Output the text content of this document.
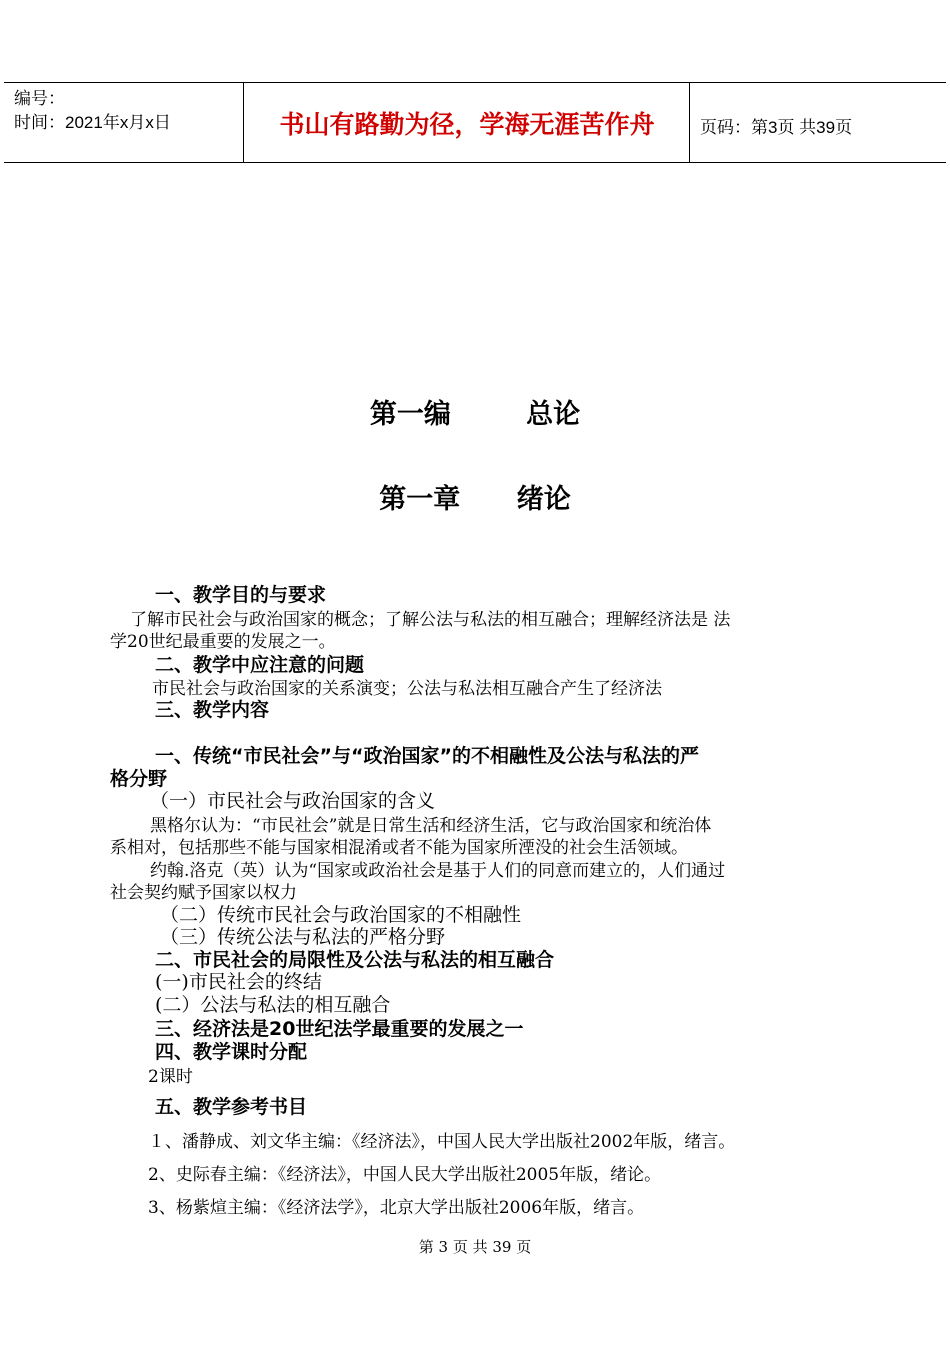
编号：
时间：2021年x月x日	书山有路勤为径，学海无涯苦作舟	页码：第3页 共39页
第一编        总论
第一章      绪论
一、教学目的与要求
了解市民社会与政治国家的概念；了解公法与私法的相互融合；理解经济法是 法
学20世纪最重要的发展之一。
二、教学中应注意的问题
市民社会与政治国家的关系演变；公法与私法相互融合产生了经济法
三、教学内容
一、传统“市民社会”与“政治国家”的不相融性及公法与私法的严
格分野
（一）市民社会与政治国家的含义
黑格尔认为：“市民社会”就是日常生活和经济生活，它与政治国家和统治体
系相对，包括那些不能与国家相混淆或者不能为国家所湮没的社会生活领域。
约翰.洛克（英）认为“国家或政治社会是基于人们的同意而建立的，人们通过
社会契约赋予国家以权力
（二）传统市民社会与政治国家的不相融性
（三）传统公法与私法的严格分野
二、市民社会的局限性及公法与私法的相互融合
(一)市民社会的终结
(二）公法与私法的相互融合
三、经济法是20世纪法学最重要的发展之一
四、教学课时分配
2课时
五、教学参考书目
１、潘静成、刘文华主编：《经济法》，中国人民大学出版社2002年版，绪言。
2、史际春主编：《经济法》，中国人民大学出版社2005年版，绪论。
3、杨紫煊主编：《经济法学》，北京大学出版社2006年版，绪言。
第 3 页 共 39 页
